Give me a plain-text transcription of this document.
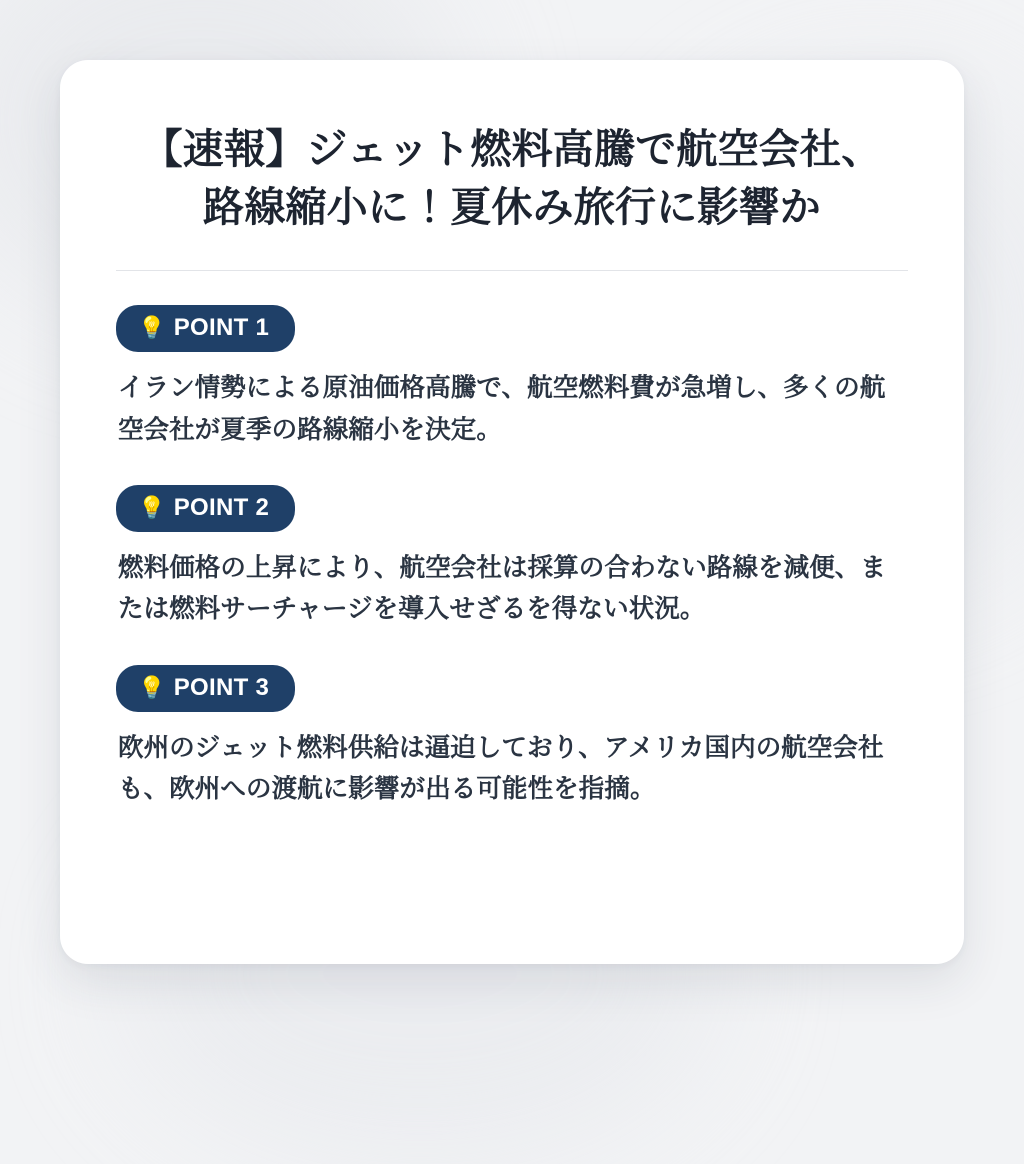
【速報】ジェット燃料高騰で航空会社、路線縮小に！夏休み旅行に影響か
💡 POINT 1

イラン情勢による原油価格高騰で、航空燃料費が急増し、多くの航空会社が夏季の路線縮小を決定。

💡 POINT 2

燃料価格の上昇により、航空会社は採算の合わない路線を減便、または燃料サーチャージを導入せざるを得ない状況。

💡 POINT 3

欧州のジェット燃料供給は逼迫しており、アメリカ国内の航空会社も、欧州への渡航に影響が出る可能性を指摘。
